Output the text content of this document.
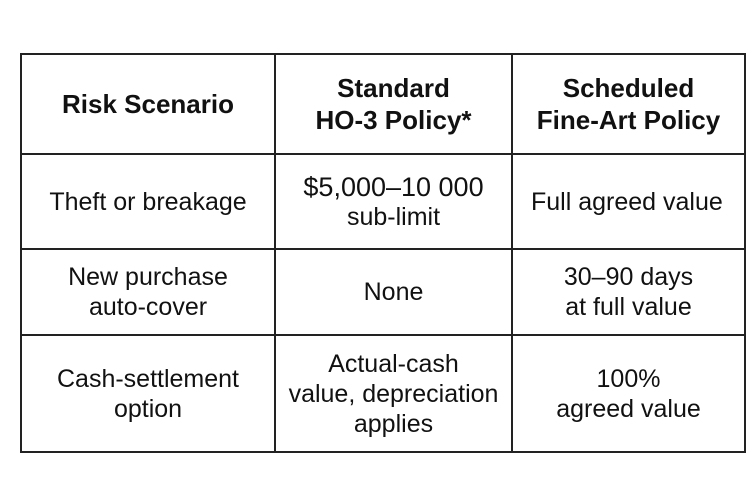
Risk Scenario
Standard
HO-3 Policy*
Scheduled
Fine-Art Policy
Theft or breakage $5,000–10 000
sub-limit
Full agreed value
New purchase
auto-cover
None
30–90 days
at full value
Cash-settlement
option
Actual-cash
value, depreciation
applies
100%
agreed value
